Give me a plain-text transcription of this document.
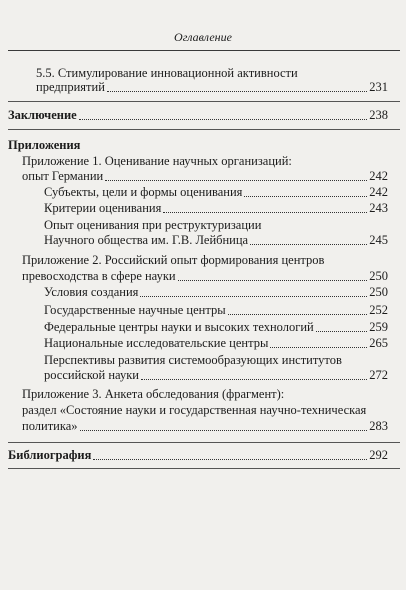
Оглавление
5.5. Стимулирование инновационной активности
предприятий	231
Заключение	238
Приложения
Приложение 1. Оценивание научных организаций:
опыт Германии	242
Субъекты, цели и формы оценивания	242
Критерии оценивания	243
Опыт оценивания при реструктуризации
Научного общества им. Г.В. Лейбница	245
Приложение 2. Российский опыт формирования центров
превосходства в сфере науки	250
Условия создания	250
Государственные научные центры	252
Федеральные центры науки и высоких технологий	259
Национальные исследовательские центры	265
Перспективы развития системообразующих институтов
российской науки	272
Приложение 3. Анкета обследования (фрагмент):
раздел «Состояние науки и государственная научно-техническая
политика»	283
Библиография	292
